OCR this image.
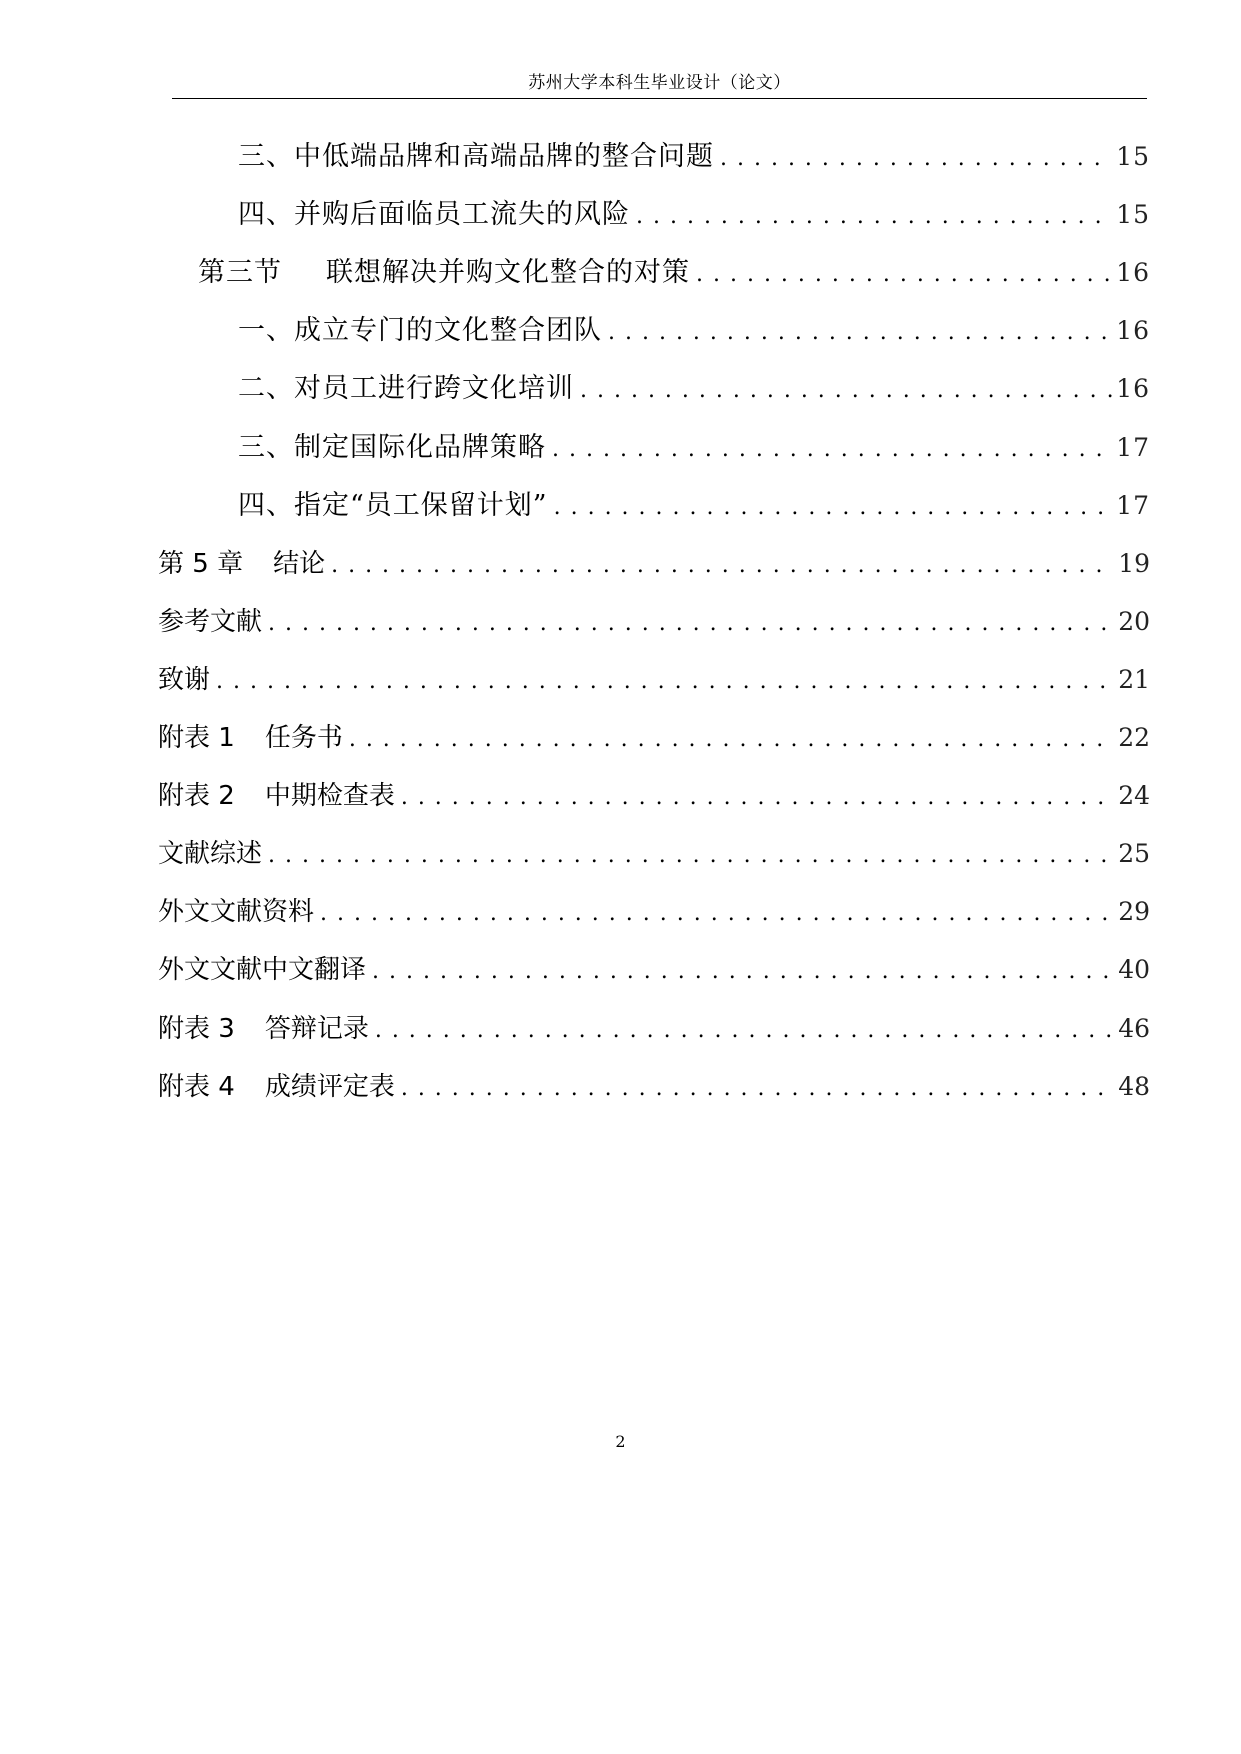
苏州大学本科生毕业设计（论文）
三、中低端品牌和高端品牌的整合问题 . . .	15
四、并购后面临员工流失的风险 . . .	15
第三节 联想解决并购文化整合的对策 . . .	16
一、成立专门的文化整合团队 . . .	16
二、对员工进行跨文化培训 . . .	16
三、制定国际化品牌策略 . . .	17
四、指定“员工保留计划” . . .	17
第 5 章 结论 . . .	19
参考文献 . . .	20
致谢 . . .	21
附表 1 任务书 . . .	22
附表 2 中期检查表 . . .	24
文献综述 . . .	25
外文文献资料 . . .	29
外文文献中文翻译 . . .	40
附表 3 答辩记录 . . .	46
附表 4 成绩评定表 . . .	48
2
